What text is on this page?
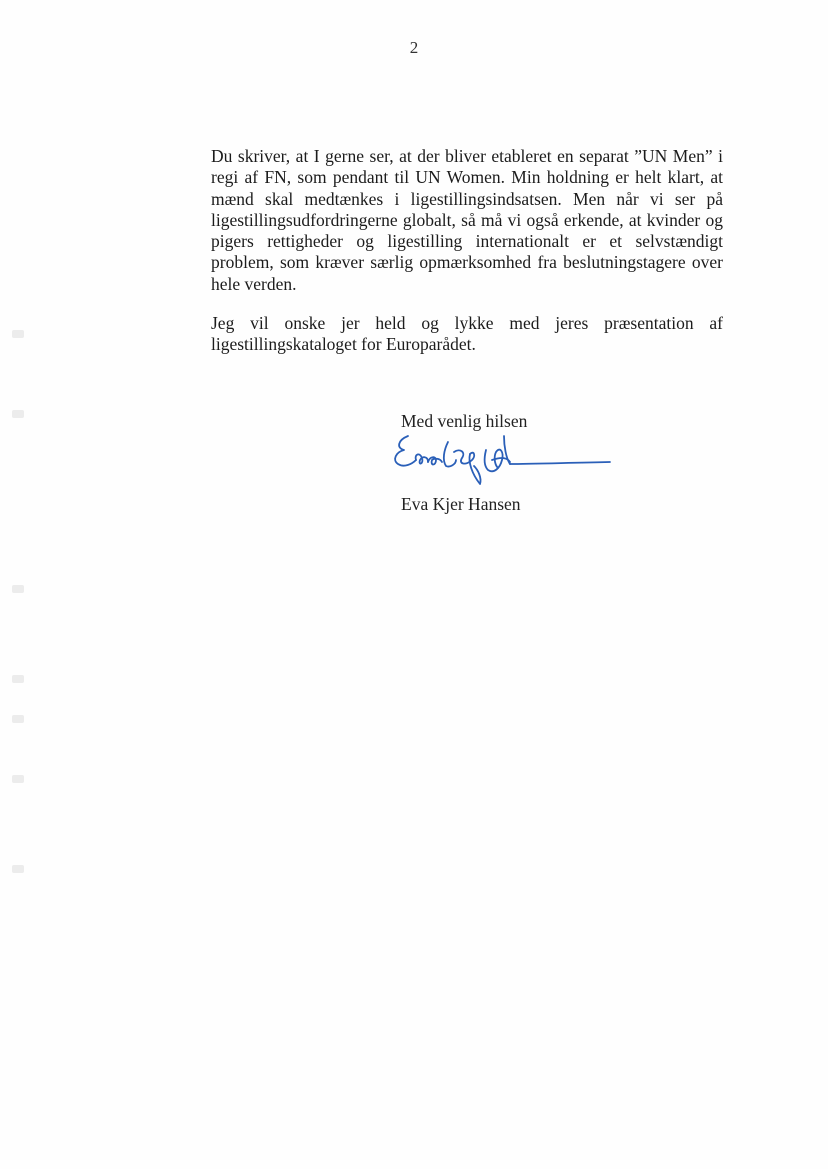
2

Du skriver, at I gerne ser, at der bliver etableret en separat ”UN Men” i regi af FN, som pendant til UN Women. Min holdning er helt klart, at mænd skal medtænkes i ligestillingsindsatsen. Men når vi ser på ligestillingsudfordringerne globalt, så må vi også erkende, at kvinder og pigers rettigheder og ligestilling internationalt er et selvstændigt problem, som kræver særlig opmærksomhed fra beslutningstagere over hele verden.

Jeg vil onske jer held og lykke med jeres præsentation af ligestillingskataloget for Europarådet.

Med venlig hilsen
Eva Kjer Hansen
